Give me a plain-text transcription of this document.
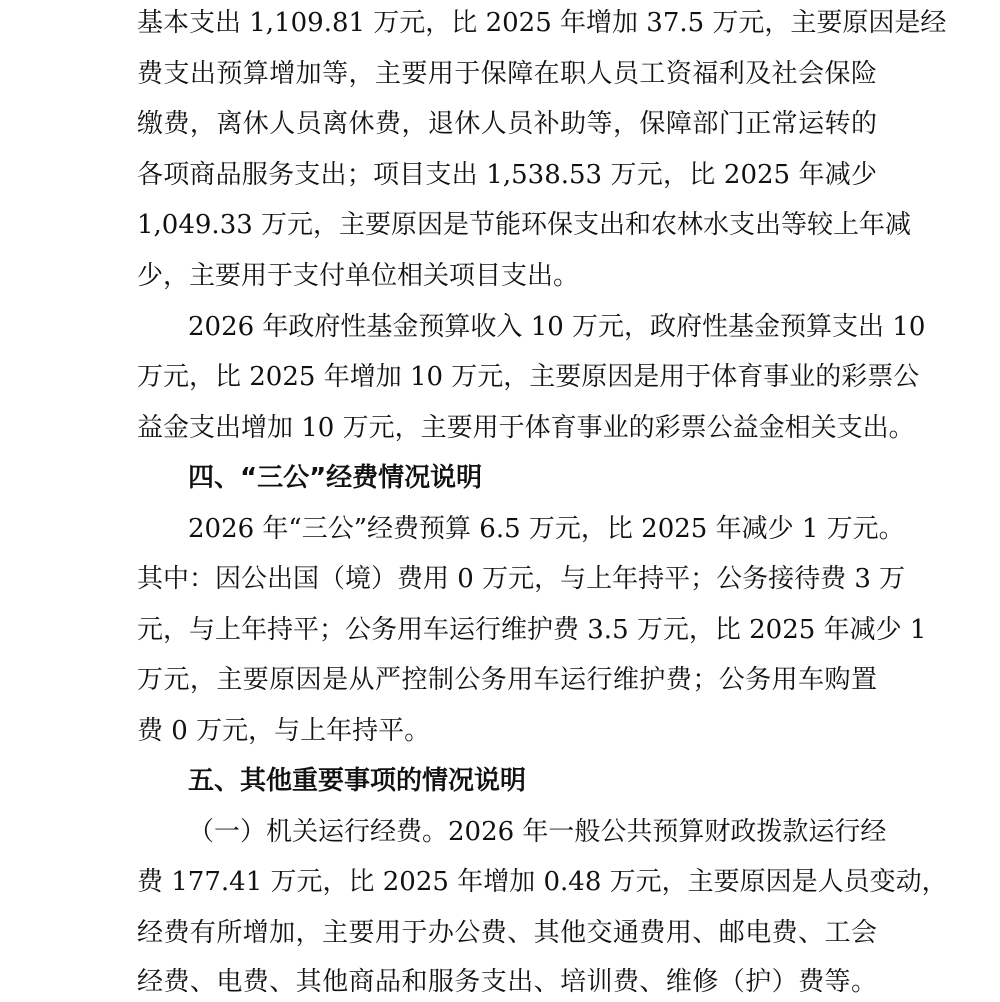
基本支出 1,109.81 万元，比 2025 年增加 37.5 万元，主要原因是经
费支出预算增加等，主要用于保障在职人员工资福利及社会保险
缴费，离休人员离休费，退休人员补助等，保障部门正常运转的
各项商品服务支出；项目支出 1,538.53 万元，比 2025 年减少
1,049.33 万元，主要原因是节能环保支出和农林水支出等较上年减
少，主要用于支付单位相关项目支出。
2026 年政府性基金预算收入 10 万元，政府性基金预算支出 10
万元，比 2025 年增加 10 万元，主要原因是用于体育事业的彩票公
益金支出增加 10 万元，主要用于体育事业的彩票公益金相关支出。
四、“三公”经费情况说明
2026 年“三公”经费预算 6.5 万元，比 2025 年减少 1 万元。
其中：因公出国（境）费用 0 万元，与上年持平；公务接待费 3 万
元，与上年持平；公务用车运行维护费 3.5 万元，比 2025 年减少 1
万元，主要原因是从严控制公务用车运行维护费；公务用车购置
费 0 万元，与上年持平。
五、其他重要事项的情况说明
（一）机关运行经费。2026 年一般公共预算财政拨款运行经
费 177.41 万元，比 2025 年增加 0.48 万元，主要原因是人员变动，
经费有所增加，主要用于办公费、其他交通费用、邮电费、工会
经费、电费、其他商品和服务支出、培训费、维修（护）费等。
